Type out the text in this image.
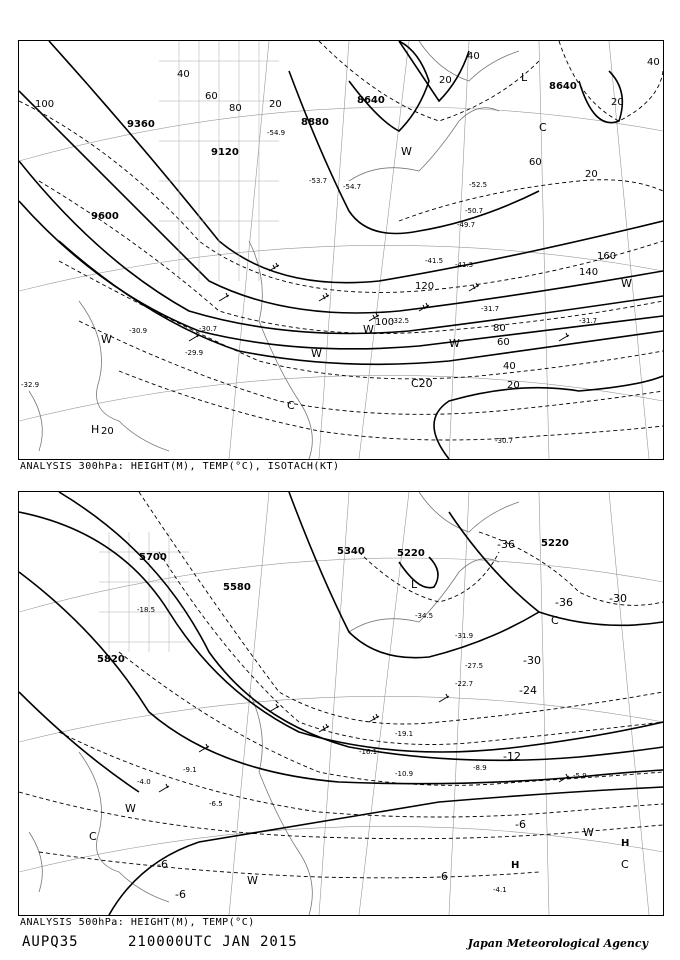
9360
9120
9600
8880
8640
8640
100
40
60
80	20
40
20
40
20
60
20
160
140
120
100
80
60
40
20
20
-54.9
-53.7
-54.7	-52.5
-50.7
-49.7
-41.5 -41.3
-31.7
-32.5
-30.9	-30.7
-29.9
-31.7
-30.7
-32.9
L
C
W
W
W
W
W
W
C
C20
H
ANALYSIS 300hPa: HEIGHT(M), TEMP(°C), ISOTACH(KT)
5700
5340	5220
5220
5580
5820
-36
-36	-30
-30
-24
-12
-6
-6
-6
-6
-34.5
-31.9
-27.5
-22.7
-19.1
-16.1
-10.9
-8.9
-5.9
-4.1
-4.0
-6.5
-9.1
-18.5
L
C
W
W
C
W
H
H	C
ANALYSIS 500hPa: HEIGHT(M), TEMP(°C)
AUPQ35	210000UTC JAN 2015	Japan Meteorological Agency
